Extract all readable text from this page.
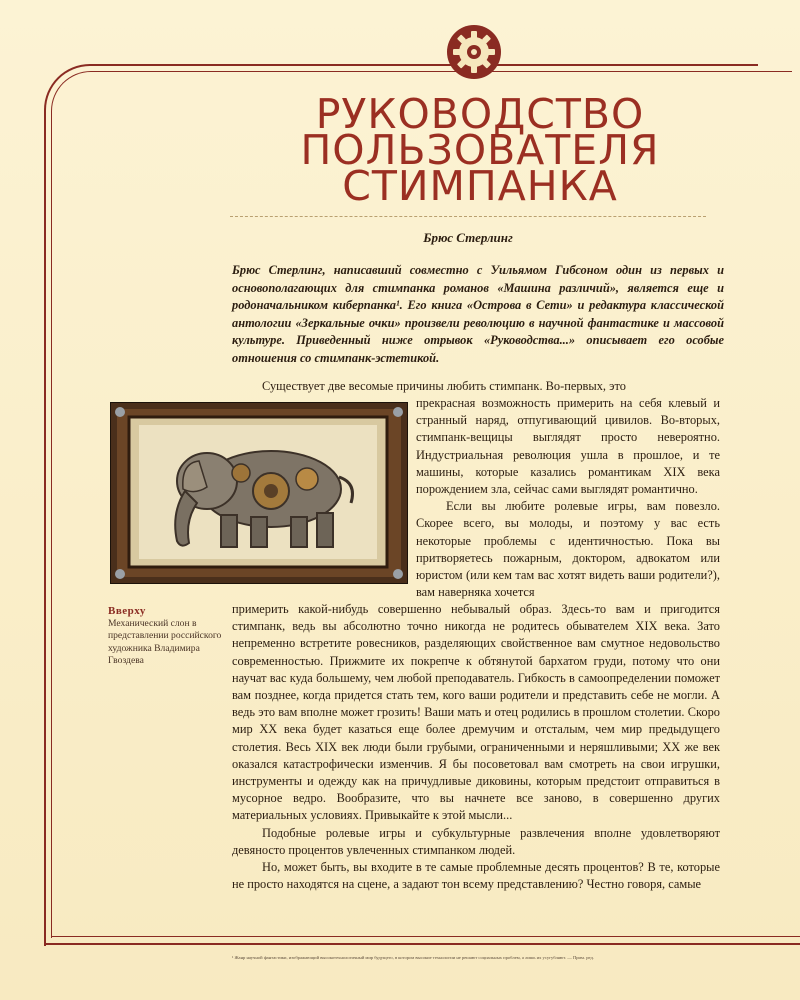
РУКОВОДСТВО
ПОЛЬЗОВАТЕЛЯ
СТИМПАНКА
Брюс Стерлинг
Брюс Стерлинг, написавший совместно с Уильямом Гибсоном один из первых и основополагающих для стимпанка романов «Машина различий», является еще и родоначальником киберпанка¹. Его книга «Острова в Сети» и редактура классической антологии «Зеркальные очки» произвели революцию в научной фантастике и массовой культуре. Приведенный ниже отрывок «Руководства...» описывает его особые отношения со стимпанк-эстетикой.
Вверху
Механический слон в представлении российского художника Владимира Гвоздева

Существует две весомые причины любить стимпанк. Во-первых, это

прекрасная возможность примерить на себя клевый и странный наряд, отпугивающий цивилов. Во-вторых, стимпанк-вещицы выглядят просто невероятно. Индустриальная революция ушла в прошлое, и те машины, которые казались романтикам XIX века порождением зла, сейчас сами выглядят романтично.

Если вы любите ролевые игры, вам повезло. Скорее всего, вы молоды, и поэтому у вас есть некоторые проблемы с идентичностью. Пока вы притворяетесь пожарным, доктором, адвокатом или юристом (или кем там вас хотят видеть ваши родители?), вам наверняка хочется

примерить какой-нибудь совершенно небывалый образ. Здесь-то вам и пригодится стимпанк, ведь вы абсолютно точно никогда не родитесь обывателем XIX века. Зато непременно встретите ровесников, разделяющих свойственное вам смутное недовольство современностью. Прижмите их покрепче к обтянутой бархатом груди, потому что они научат вас куда большему, чем любой преподаватель. Гибкость в самоопределении поможет вам позднее, когда придется стать тем, кого ваши родители и представить себе не могли. А ведь это вам вполне может грозить! Ваши мать и отец родились в прошлом столетии. Скоро мир XX века будет казаться еще более дремучим и отсталым, чем мир предыдущего столетия. Весь XIX век люди были грубыми, ограниченными и неряшливыми; XX же век оказался катастрофически изменчив. Я бы посоветовал вам смотреть на свои игрушки, инструменты и одежду как на причудливые диковины, которым предстоит отправиться в мусорное ведро. Вообразите, что вы начнете все заново, в совершенно других материальных условиях. Привыкайте к этой мысли...

Подобные ролевые игры и субкультурные развлечения вполне удовлетворяют девяносто процентов увлеченных стимпанком людей.

Но, может быть, вы входите в те самые проблемные десять процентов? В те, которые не просто находятся на сцене, а задают тон всему представлению? Честно говоря, самые

¹ Жанр научной фантастики, изображающий высокотехнологичный мир будущего, в котором высокие технологии не решают социальных проблем, а лишь их усугубляют. — Прим. ред.
